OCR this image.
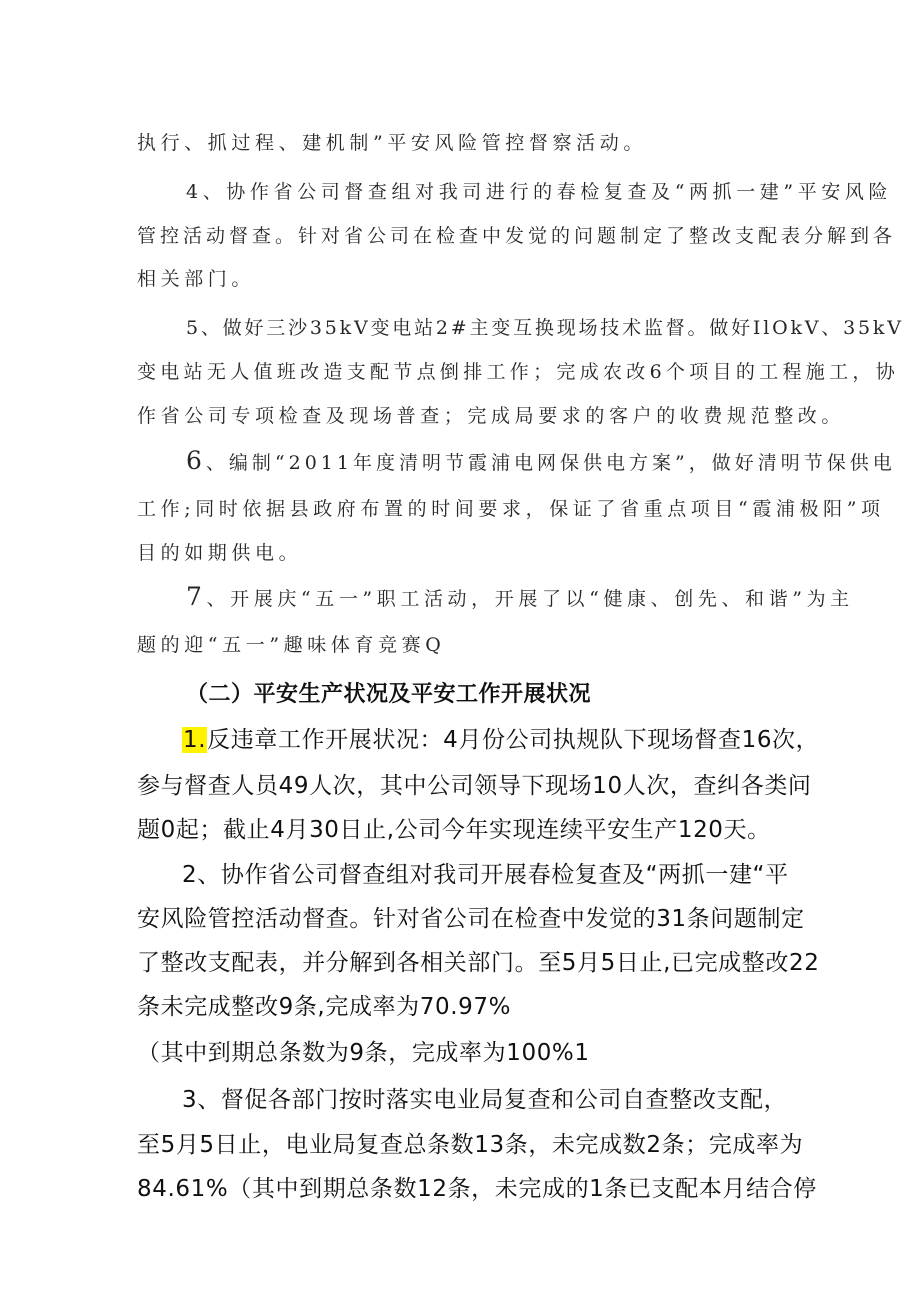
执行、抓过程、建机制”平安风险管控督察活动。
4、协作省公司督查组对我司进行的春检复查及“两抓一建”平安风险
管控活动督查。针对省公司在检查中发觉的问题制定了整改支配表分解到各
相关部门。
5、做好三沙35kV变电站2#主变互换现场技术监督。做好IlOkV、35kV
变电站无人值班改造支配节点倒排工作；完成农改6个项目的工程施工，协
作省公司专项检查及现场普查；完成局要求的客户的收费规范整改。
6、编制“2011年度清明节霞浦电网保供电方案”，做好清明节保供电
工作;同时依据县政府布置的时间要求，保证了省重点项目“霞浦极阳”项
目的如期供电。
7、开展庆“五一”职工活动，开展了以“健康、创先、和谐”为主
题的迎“五一”趣味体育竞赛Q
（二）平安生产状况及平安工作开展状况
1.反违章工作开展状况：4月份公司执规队下现场督查16次，
参与督查人员49人次，其中公司领导下现场10人次，查纠各类问
题0起；截止4月30日止,公司今年实现连续平安生产120天。
2、协作省公司督查组对我司开展春检复查及“两抓一建“平
安风险管控活动督查。针对省公司在检查中发觉的31条问题制定
了整改支配表，并分解到各相关部门。至5月5日止,已完成整改22
条未完成整改9条,完成率为70.97%
（其中到期总条数为9条，完成率为100%1
3、督促各部门按时落实电业局复查和公司自查整改支配，
至5月5日止，电业局复查总条数13条，未完成数2条；完成率为
84.61%（其中到期总条数12条，未完成的1条已支配本月结合停
